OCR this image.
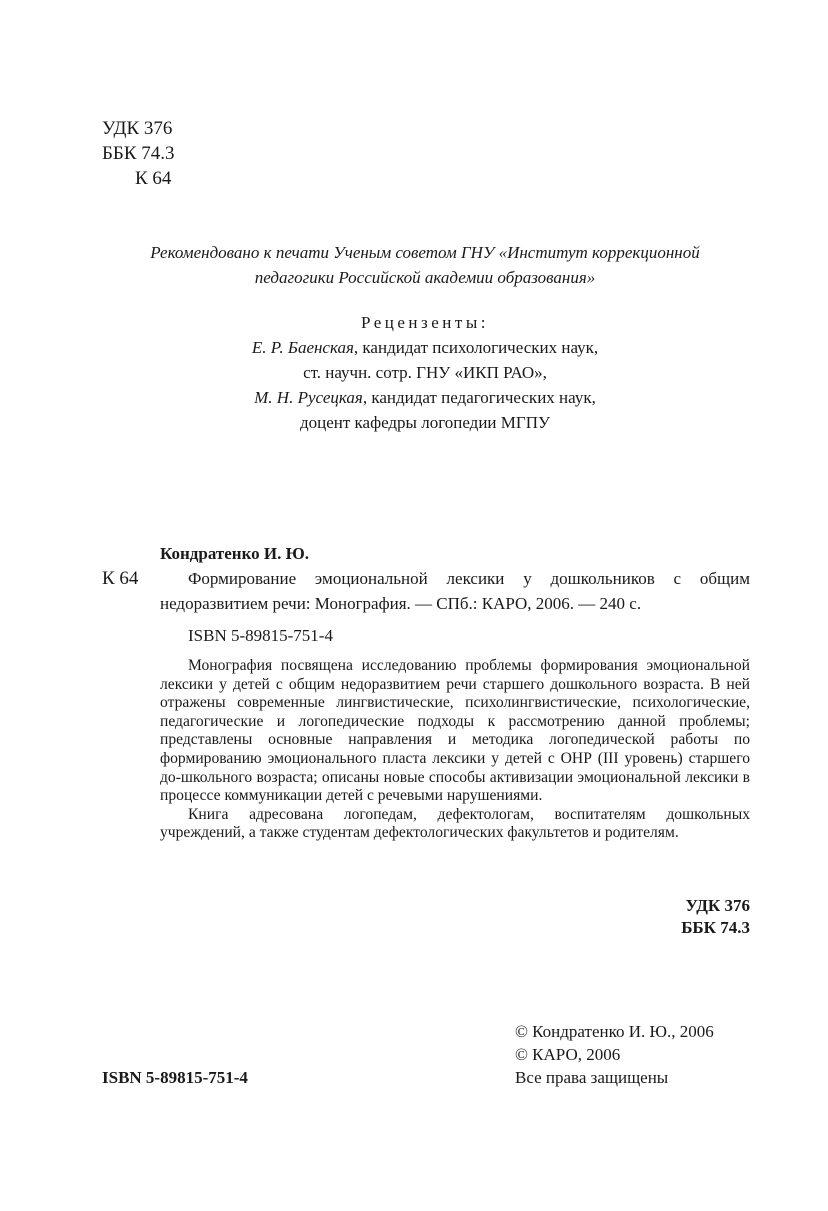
УДК 376
ББК 74.3
К 64
Рекомендовано к печати Ученым советом ГНУ «Институт коррекционной
педагогики Российской академии образования»
Рецензенты:
Е. Р. Баенская, кандидат психологических наук,
ст. научн. сотр. ГНУ «ИКП РАО»,
М. Н. Русецкая, кандидат педагогических наук,
доцент кафедры логопедии МГПУ
Кондратенко И. Ю.
К 64	Формирование эмоциональной лексики у дошкольников с общим недоразвитием речи: Монография. — СПб.: КАРО, 2006. — 240 с.
ISBN 5-89815-751-4

Монография посвящена исследованию проблемы формирования эмоциональной лексики у детей с общим недоразвитием речи старшего дошкольного возраста. В ней отражены современные лингвистические, психолингвистические, психологические, педагогические и логопедические подходы к рассмотрению данной проблемы; представлены основные направления и методика логопедической работы по формированию эмоционального пласта лексики у детей с ОНР (III уровень) старшего до-школьного возраста; описаны новые способы активизации эмоциональной лексики в процессе коммуникации детей с речевыми нарушениями.

Книга адресована логопедам, дефектологам, воспитателям дошкольных учреждений, а также студентам дефектологических факультетов и родителям.

УДК 376
ББК 74.3
© Кондратенко И. Ю., 2006
© КАРО, 2006
Все права защищены
ISBN 5-89815-751-4
